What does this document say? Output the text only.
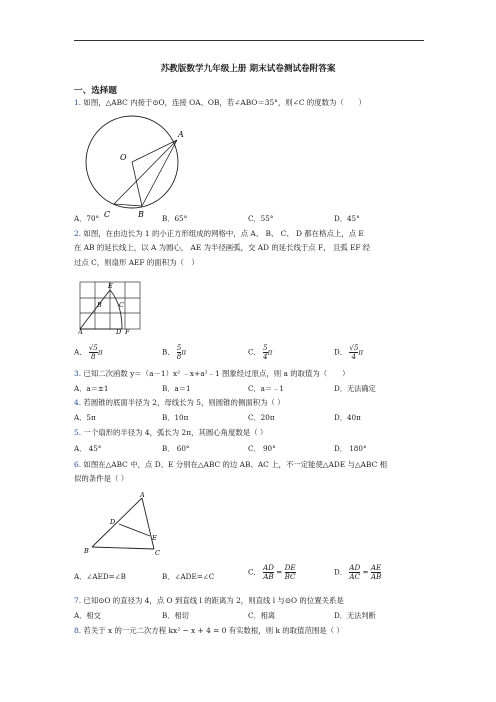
苏教版数学九年级上册 期末试卷测试卷附答案
一、选择题
1. 如图，△ABC 内接于⊙O，连接 OA、OB，若∠ABO＝35°，则∠C 的度数为（　　）
A
O
C	B
A．70°	B．65°	C．55°	D．45°
2. 如图，在由边长为 1 的小正方形组成的网格中，点 A、 B、 C、 D 都在格点上，点 E
在 AB 的延长线上，以 A 为圆心， AE 为半径画弧，交 AD 的延长线于点 F， 且弧 EF 经
过点 C，则扇形 AEF 的面积为（　）
E
B	C
A	D F
A． $\frac{√5}{8}$ π	B． $\frac{5}{8}$ π	C． $\frac{5}{4}$ π	D． $\frac{√5}{4}$ π
3. 已知二次函数 y＝（a－1）x² ﹣x+a²﹣1 图象经过原点，则 a 的取值为（　　）
A．a＝±1	B．a＝1	C．a＝﹣1	D．无法确定
4. 若圆锥的底面半径为 2，母线长为 5，则圆锥的侧面积为（ ）
A．5π	B．10π	C．20π	D．40π
5. 一个扇形的半径为 4，弧长为 2π，其圆心角度数是（ ）
A． 45°	B． 60°	C． 90°	D． 180°
6. 如图在△ABC 中，点 D、E 分别在△ABC 的边 AB、AC 上，不一定能使△ADE 与△ABC 相
似的条件是（ ）
A
D
E
B	C
A．∠AED=∠B	B．∠ADE=∠C	C． $\frac{AD}{AB} = \frac{DE}{BC}$	D． $\frac{AD}{AC} = \frac{AE}{AB}$
7. 已知⊙O 的直径为 4，点 O 到直线 l 的距离为 2，则直线 l 与⊙O 的位置关系是
A．相交	B．相切	C．相离	D．无法判断
8. 若关于 x 的一元二次方程 kx² − x + 4 = 0 有实数根，则 k 的取值范围是（ ）
